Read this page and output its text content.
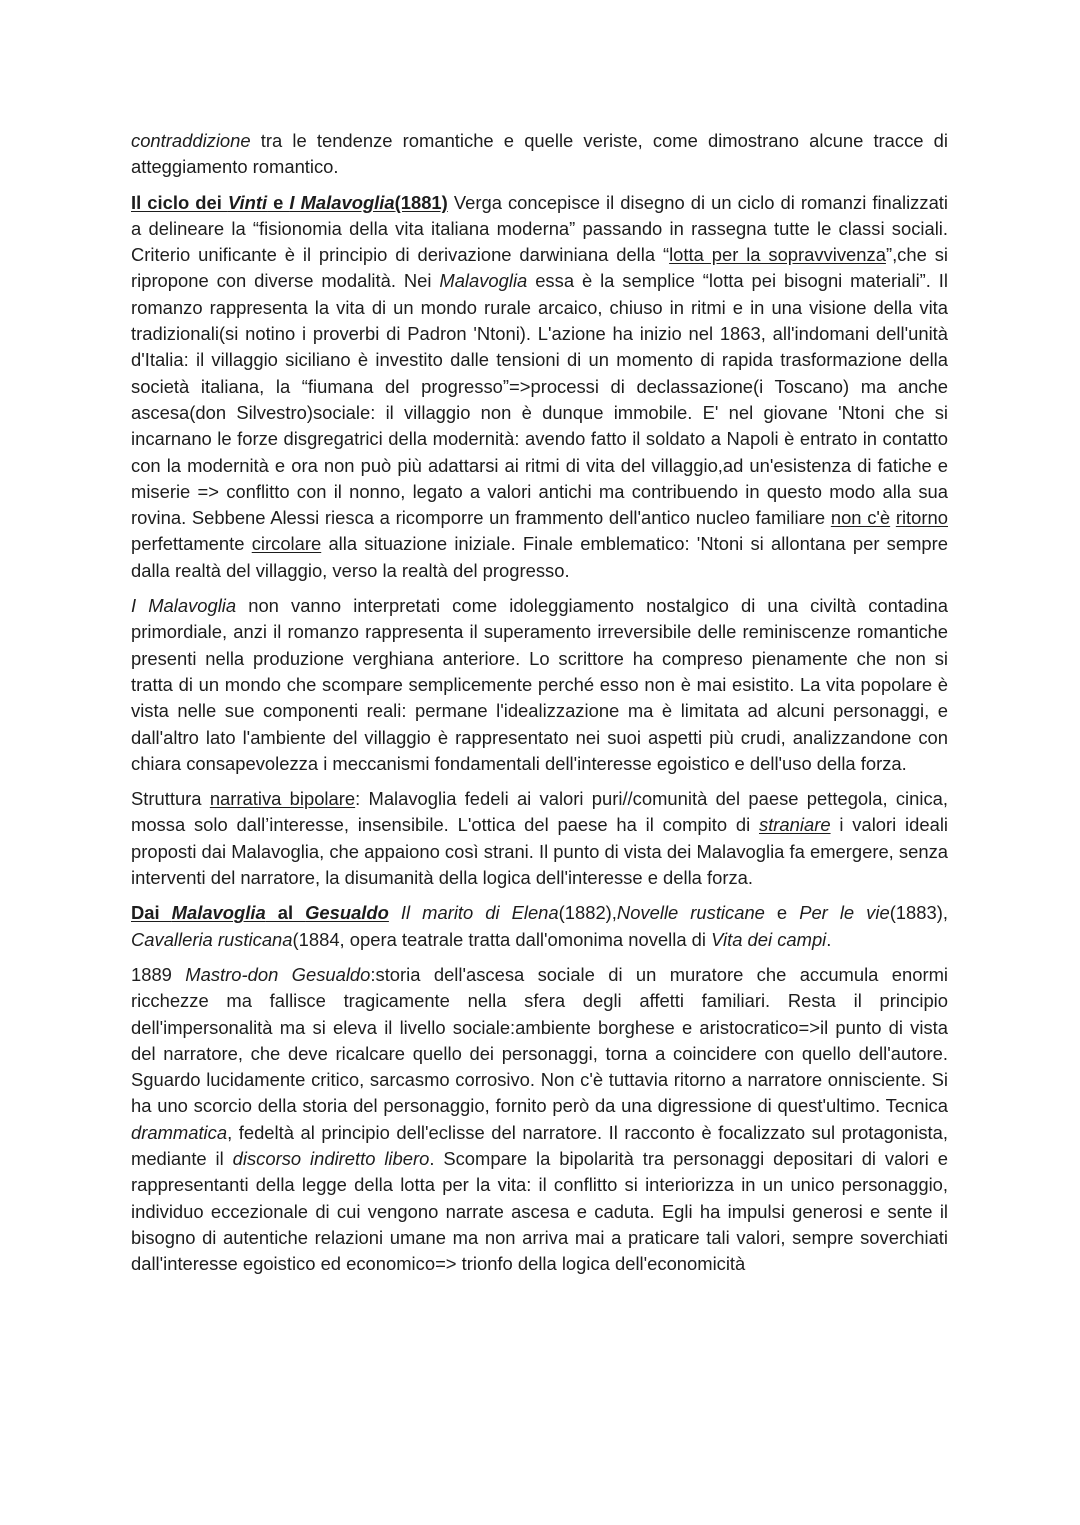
contraddizione tra le tendenze romantiche e quelle veriste, come dimostrano alcune tracce di atteggiamento romantico.

Il ciclo dei Vinti e I Malavoglia(1881) Verga concepisce il disegno di un ciclo di romanzi finalizzati a delineare la “fisionomia della vita italiana moderna” passando in rassegna tutte le classi sociali. Criterio unificante è il principio di derivazione darwiniana della “lotta per la sopravvivenza”,che si ripropone con diverse modalità. Nei Malavoglia essa è la semplice “lotta pei bisogni materiali”. Il romanzo rappresenta la vita di un mondo rurale arcaico, chiuso in ritmi e in una visione della vita tradizionali(si notino i proverbi di Padron 'Ntoni). L'azione ha inizio nel 1863, all'indomani dell'unità d'Italia: il villaggio siciliano è investito dalle tensioni di un momento di rapida trasformazione della società italiana, la “fiumana del progresso”=>processi di declassazione(i Toscano) ma anche ascesa(don Silvestro)sociale: il villaggio non è dunque immobile. E' nel giovane 'Ntoni che si incarnano le forze disgregatrici della modernità: avendo fatto il soldato a Napoli è entrato in contatto con la modernità e ora non può più adattarsi ai ritmi di vita del villaggio,ad un'esistenza di fatiche e miserie => conflitto con il nonno, legato a valori antichi ma contribuendo in questo modo alla sua rovina. Sebbene Alessi riesca a ricomporre un frammento dell'antico nucleo familiare non c'è ritorno perfettamente circolare alla situazione iniziale. Finale emblematico: 'Ntoni si allontana per sempre dalla realtà del villaggio, verso la realtà del progresso.

I Malavoglia non vanno interpretati come idoleggiamento nostalgico di una civiltà contadina primordiale, anzi il romanzo rappresenta il superamento irreversibile delle reminiscenze romantiche presenti nella produzione verghiana anteriore. Lo scrittore ha compreso pienamente che non si tratta di un mondo che scompare semplicemente perché esso non è mai esistito. La vita popolare è vista nelle sue componenti reali: permane l'idealizzazione ma è limitata ad alcuni personaggi, e dall'altro lato l'ambiente del villaggio è rappresentato nei suoi aspetti più crudi, analizzandone con chiara consapevolezza i meccanismi fondamentali dell'interesse egoistico e dell'uso della forza.

Struttura narrativa bipolare: Malavoglia fedeli ai valori puri//comunità del paese pettegola, cinica, mossa solo dall’interesse, insensibile. L'ottica del paese ha il compito di straniare i valori ideali proposti dai Malavoglia, che appaiono così strani. Il punto di vista dei Malavoglia fa emergere, senza interventi del narratore, la disumanità della logica dell'interesse e della forza.

Dai Malavoglia al Gesualdo Il marito di Elena(1882),Novelle rusticane e Per le vie(1883), Cavalleria rusticana(1884, opera teatrale tratta dall'omonima novella di Vita dei campi.

1889 Mastro-don Gesualdo:storia dell'ascesa sociale di un muratore che accumula enormi ricchezze ma fallisce tragicamente nella sfera degli affetti familiari. Resta il principio dell'impersonalità ma si eleva il livello sociale:ambiente borghese e aristocratico=>il punto di vista del narratore, che deve ricalcare quello dei personaggi, torna a coincidere con quello dell'autore. Sguardo lucidamente critico, sarcasmo corrosivo. Non c'è tuttavia ritorno a narratore onnisciente. Si ha uno scorcio della storia del personaggio, fornito però da una digressione di quest'ultimo. Tecnica drammatica, fedeltà al principio dell'eclisse del narratore. Il racconto è focalizzato sul protagonista, mediante il discorso indiretto libero. Scompare la bipolarità tra personaggi depositari di valori e rappresentanti della legge della lotta per la vita: il conflitto si interiorizza in un unico personaggio, individuo eccezionale di cui vengono narrate ascesa e caduta. Egli ha impulsi generosi e sente il bisogno di autentiche relazioni umane ma non arriva mai a praticare tali valori, sempre soverchiati dall'interesse egoistico ed economico=> trionfo della logica dell'economicità
